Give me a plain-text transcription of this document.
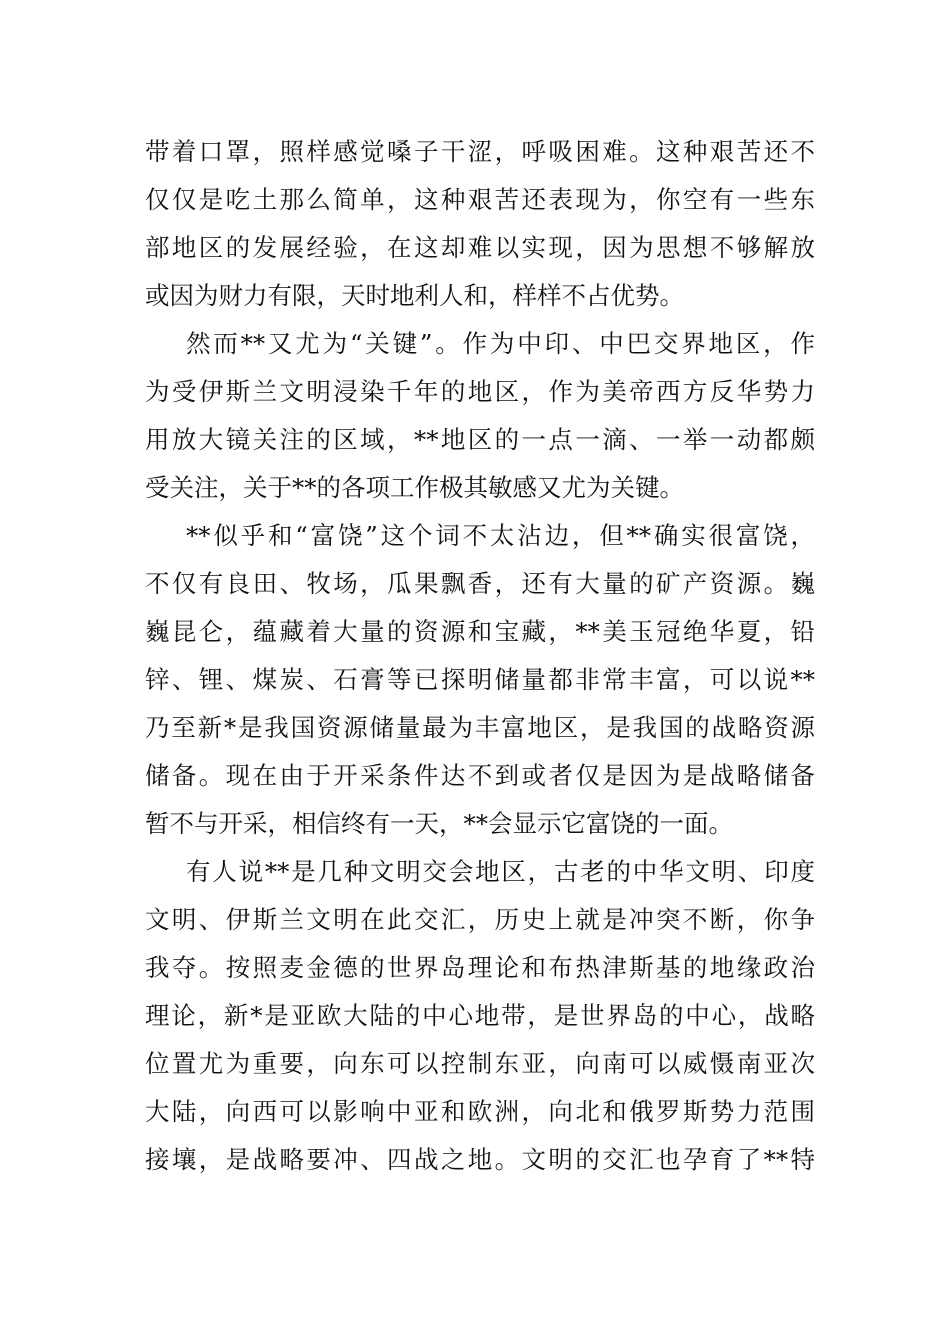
带着口罩，照样感觉嗓子干涩，呼吸困难。这种艰苦还不
仅仅是吃土那么简单，这种艰苦还表现为，你空有一些东
部地区的发展经验，在这却难以实现，因为思想不够解放
或因为财力有限，天时地利人和，样样不占优势。
然而**又尤为“关键”。作为中印、中巴交界地区，作
为受伊斯兰文明浸染千年的地区，作为美帝西方反华势力
用放大镜关注的区域，**地区的一点一滴、一举一动都颇
受关注，关于**的各项工作极其敏感又尤为关键。
**似乎和“富饶”这个词不太沾边，但**确实很富饶，
不仅有良田、牧场，瓜果飘香，还有大量的矿产资源。巍
巍昆仑，蕴藏着大量的资源和宝藏，**美玉冠绝华夏，铅
锌、锂、煤炭、石膏等已探明储量都非常丰富，可以说**
乃至新*是我国资源储量最为丰富地区，是我国的战略资源
储备。现在由于开采条件达不到或者仅是因为是战略储备
暂不与开采，相信终有一天，**会显示它富饶的一面。
有人说**是几种文明交会地区，古老的中华文明、印度
文明、伊斯兰文明在此交汇，历史上就是冲突不断，你争
我夺。按照麦金德的世界岛理论和布热津斯基的地缘政治
理论，新*是亚欧大陆的中心地带，是世界岛的中心，战略
位置尤为重要，向东可以控制东亚，向南可以威慑南亚次
大陆，向西可以影响中亚和欧洲，向北和俄罗斯势力范围
接壤，是战略要冲、四战之地。文明的交汇也孕育了**特
